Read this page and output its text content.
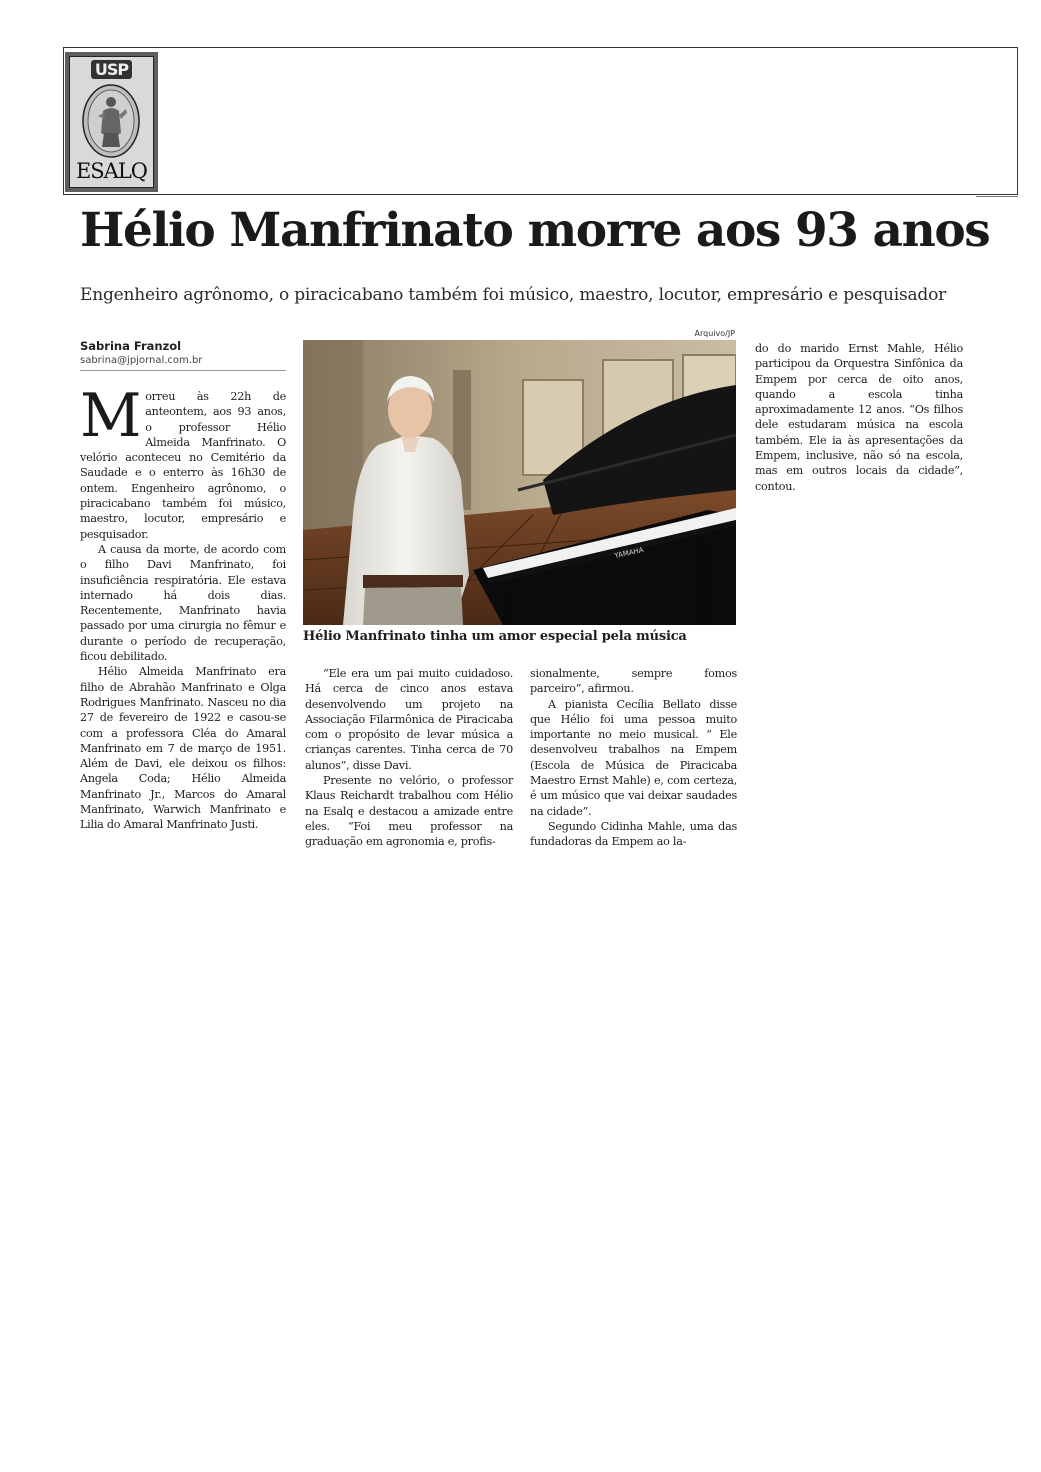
USP
ESALQ
Hélio Manfrinato morre aos 93 anos

Engenheiro agrônomo, o piracicabano também foi músico, maestro, locutor, empresário e pesquisador

Sabrina Franzol
sabrina@jpjornal.com.br

Morreu às 22h de anteontem, aos 93 anos, o professor Hélio Almeida Manfrinato. O velório aconteceu no Cemitério da Saudade e o enterro às 16h30 de ontem. Engenheiro agrônomo, o piracicabano também foi músico, maestro, locutor, empresário e pesquisador.

A causa da morte, de acordo com o filho Davi Manfrinato, foi insuficiência respiratória. Ele estava internado há dois dias. Recentemente, Manfrinato havia passado por uma cirurgia no fêmur e durante o período de recuperação, ficou debilitado.

Hélio Almeida Manfrinato era filho de Abrahão Manfrinato e Olga Rodrigues Manfrinato. Nasceu no dia 27 de fevereiro de 1922 e casou-se com a professora Cléa do Amaral Manfrinato em 7 de março de 1951. Além de Davi, ele deixou os filhos: Angela Coda; Hélio Almeida Manfrinato Jr., Marcos do Amaral Manfrinato, Warwich Manfrinato e Lilia do Amaral Manfrinato Justi.

Arquivo/JP
YAMAHA
Hélio Manfrinato tinha um amor especial pela música

“Ele era um pai muito cuidadoso. Há cerca de cinco anos estava desenvolvendo um projeto na Associação Filarmônica de Piracicaba com o propósito de levar música a crianças carentes. Tinha cerca de 70 alunos”, disse Davi.

Presente no velório, o professor Klaus Reichardt trabalhou com Hélio na Esalq e destacou a amizade entre eles. “Foi meu professor na graduação em agronomia e, profis-

sionalmente, sempre fomos parceiro”, afirmou.

A pianista Cecília Bellato disse que Hélio foi uma pessoa muito importante no meio musical. “ Ele desenvolveu trabalhos na Empem (Escola de Música de Piracicaba Maestro Ernst Mahle) e, com certeza, é um músico que vai deixar saudades na cidade”.

Segundo Cidinha Mahle, uma das fundadoras da Empem ao la-

do do marido Ernst Mahle, Hélio participou da Orquestra Sinfônica da Empem por cerca de oito anos, quando a escola tinha aproximadamente 12 anos. “Os filhos dele estudaram música na escola também. Ele ia às apresentações da Empem, inclusive, não só na escola, mas em outros locais da cidade”, contou.
